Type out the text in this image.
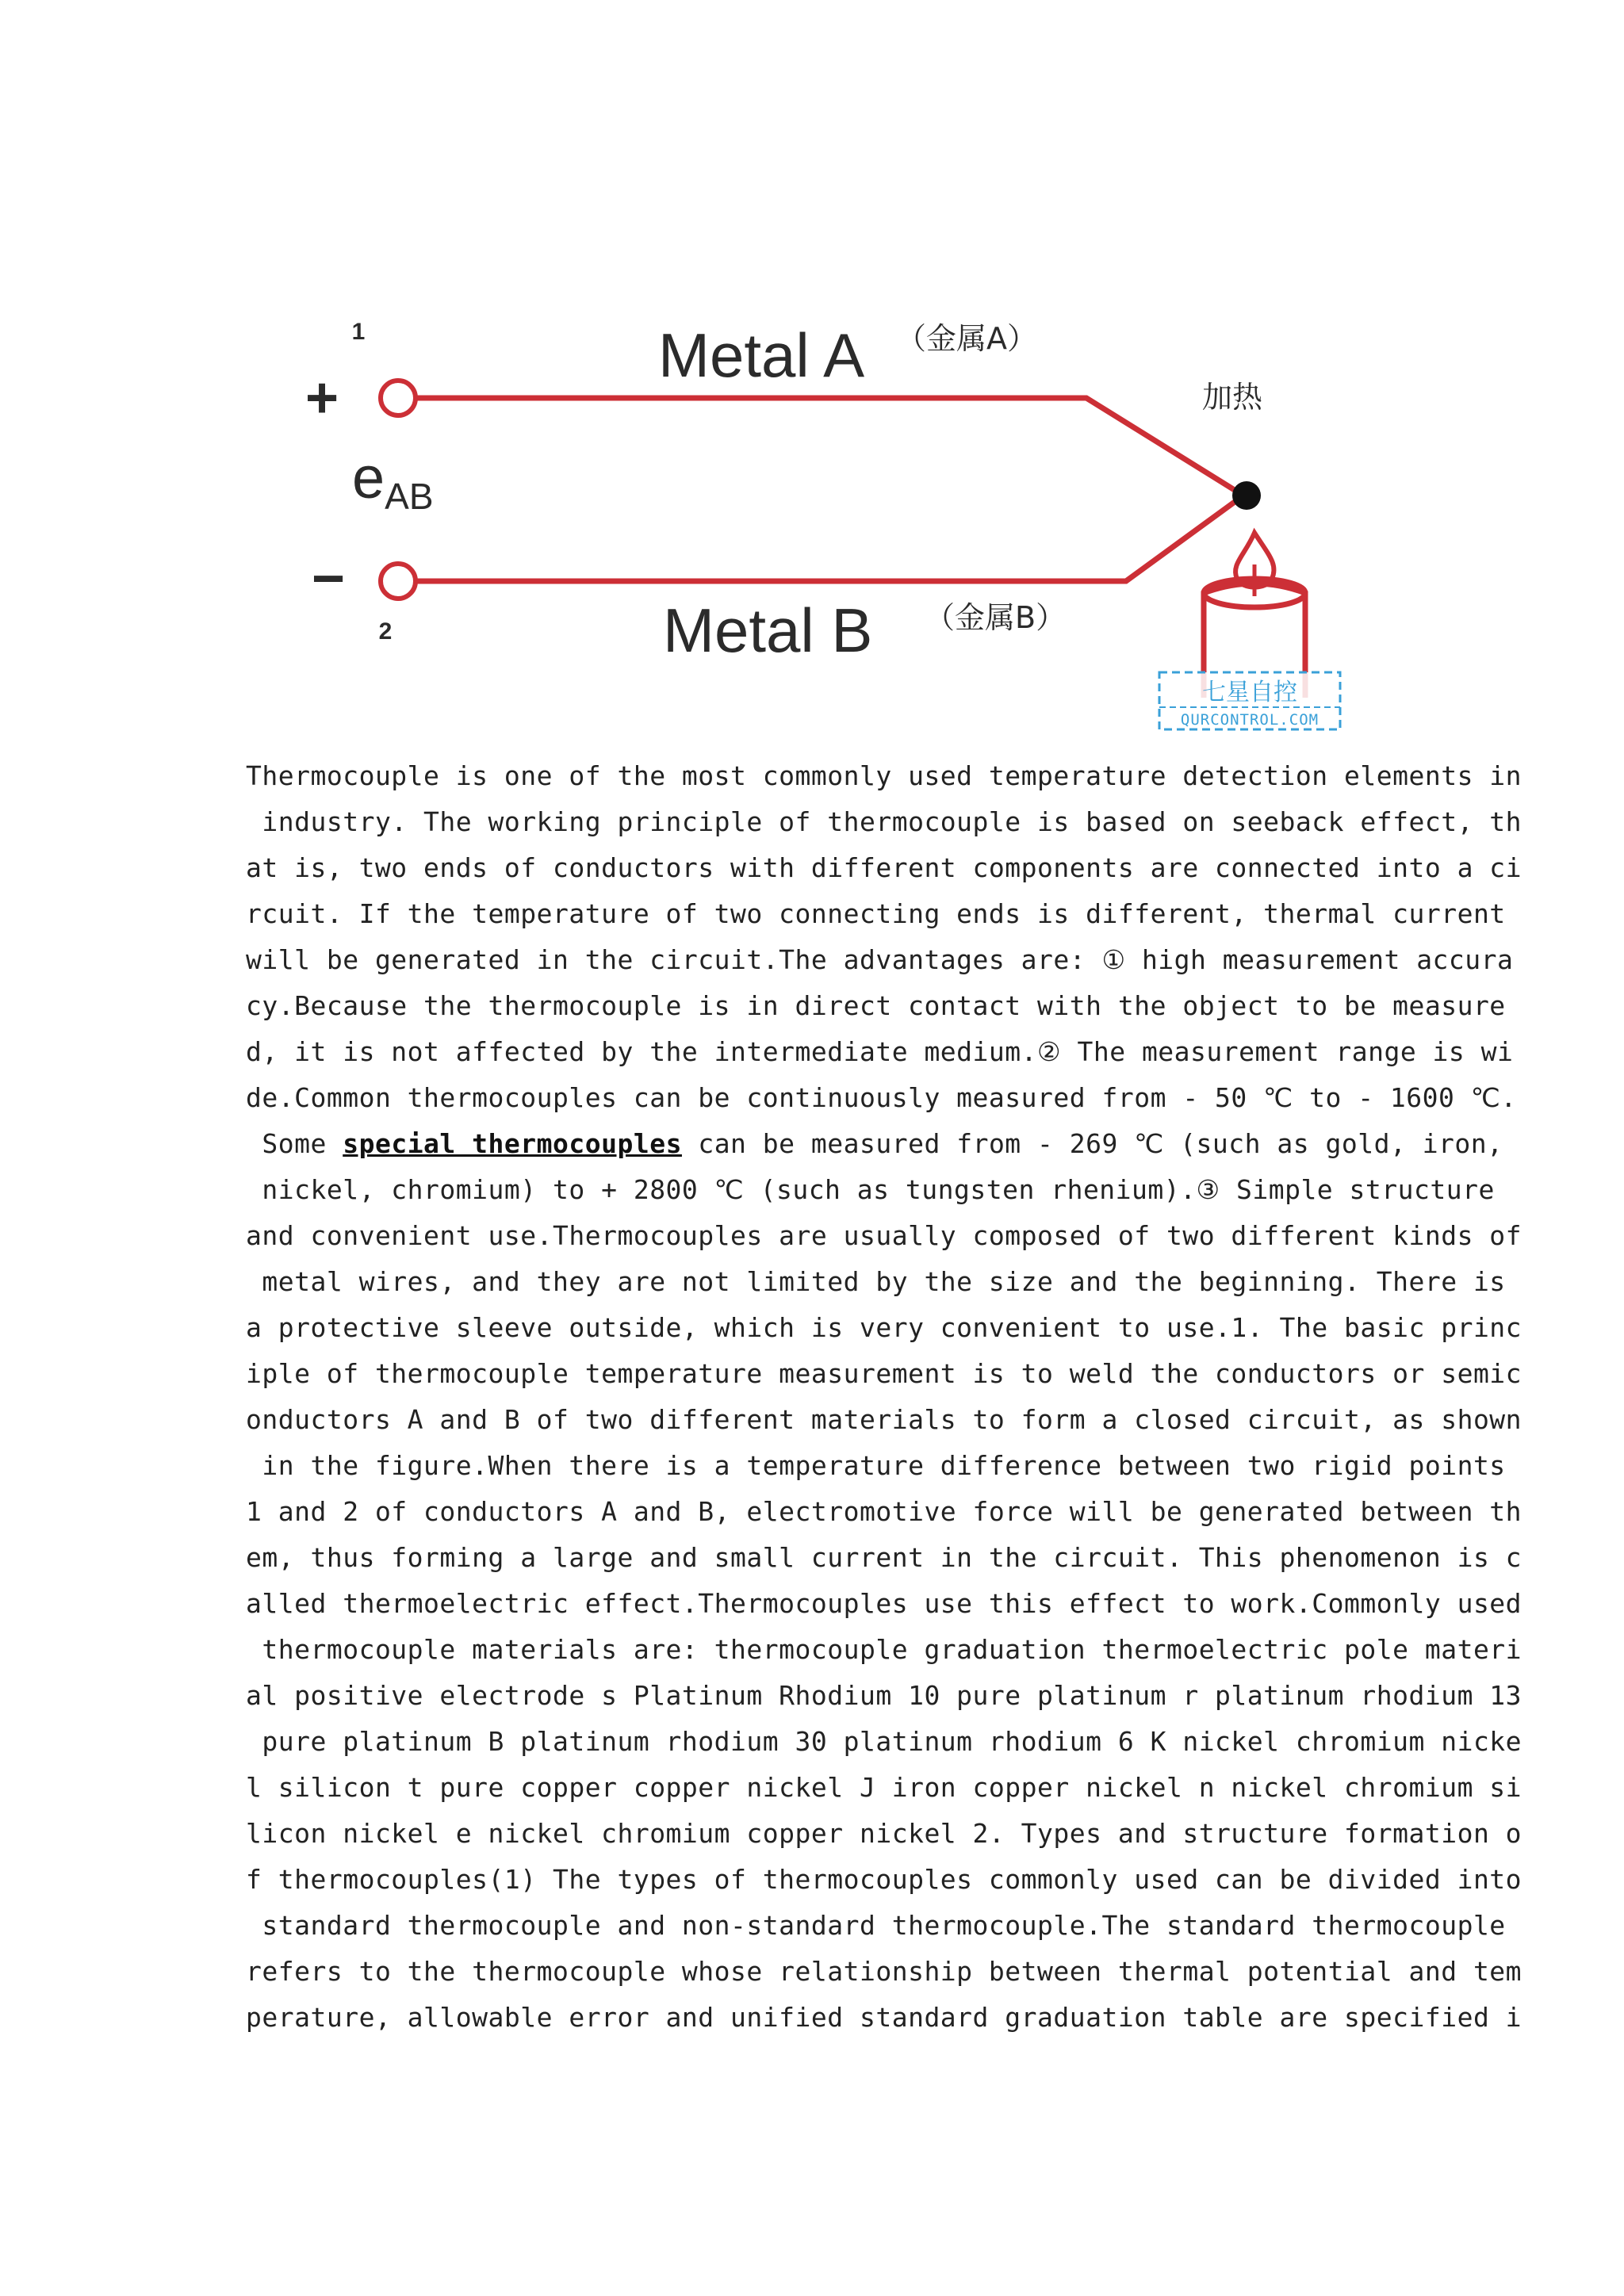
七星自控
QURCONTROL.COM
1
2
+
−
eAB
Metal A （金属A）
Metal B （金属B）
加热
Thermocouple is one of the most commonly used temperature detection elements in
industry. The working principle of thermocouple is based on seeback effect, th
at is, two ends of conductors with different components are connected into a ci
rcuit. If the temperature of two connecting ends is different, thermal current
will be generated in the circuit.The advantages are: ① high measurement accura
cy.Because the thermocouple is in direct contact with the object to be measure
d, it is not affected by the intermediate medium.② The measurement range is wi
de.Common thermocouples can be continuously measured from - 50 ℃ to - 1600 ℃.
Some special thermocouples can be measured from - 269 ℃ (such as gold, iron,
nickel, chromium) to + 2800 ℃ (such as tungsten rhenium).③ Simple structure
and convenient use.Thermocouples are usually composed of two different kinds of
metal wires, and they are not limited by the size and the beginning. There is
a protective sleeve outside, which is very convenient to use.1. The basic princ
iple of thermocouple temperature measurement is to weld the conductors or semic
onductors A and B of two different materials to form a closed circuit, as shown
in the figure.When there is a temperature difference between two rigid points
1 and 2 of conductors A and B, electromotive force will be generated between th
em, thus forming a large and small current in the circuit. This phenomenon is c
alled thermoelectric effect.Thermocouples use this effect to work.Commonly used
thermocouple materials are: thermocouple graduation thermoelectric pole materi
al positive electrode s Platinum Rhodium 10 pure platinum r platinum rhodium 13
pure platinum B platinum rhodium 30 platinum rhodium 6 K nickel chromium nicke
l silicon t pure copper copper nickel J iron copper nickel n nickel chromium si
licon nickel e nickel chromium copper nickel 2. Types and structure formation o
f thermocouples(1) The types of thermocouples commonly used can be divided into
standard thermocouple and non-standard thermocouple.The standard thermocouple
refers to the thermocouple whose relationship between thermal potential and tem
perature, allowable error and unified standard graduation table are specified i
